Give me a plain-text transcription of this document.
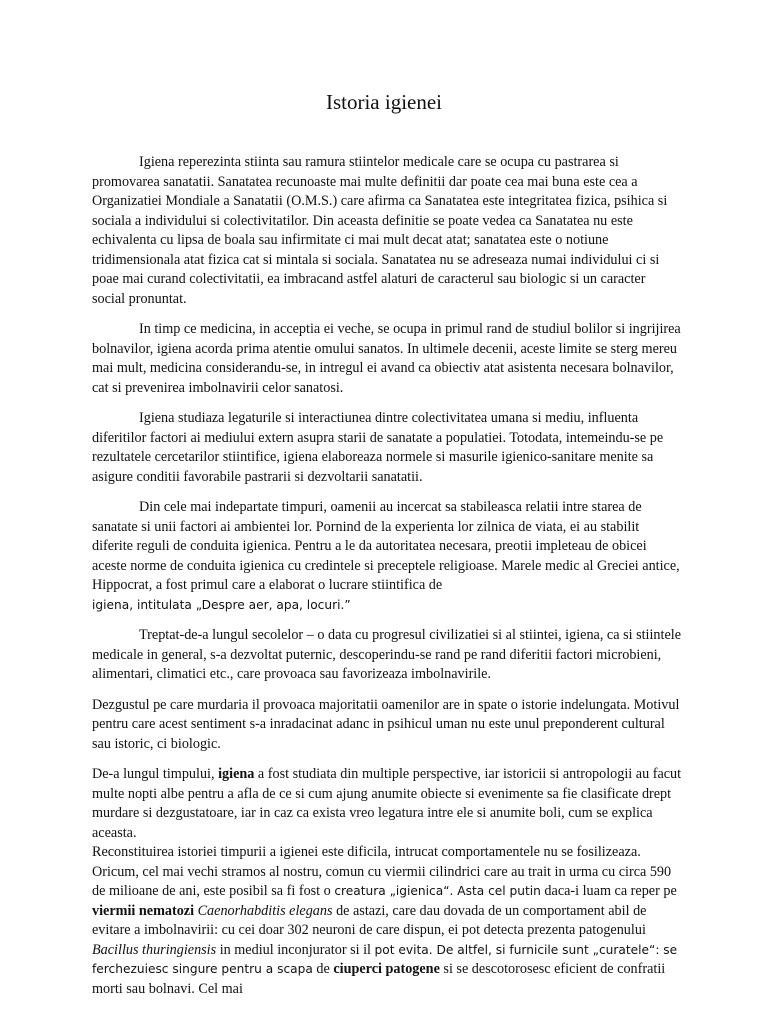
Istoria igienei

Igiena reperezinta stiinta sau ramura stiintelor medicale care se ocupa cu pastrarea si promovarea sanatatii. Sanatatea recunoaste mai multe definitii dar poate cea mai buna este cea a Organizatiei Mondiale a Sanatatii (O.M.S.) care afirma ca Sanatatea este integritatea fizica, psihica si sociala a individului si colectivitatilor. Din aceasta definitie se poate vedea ca Sanatatea nu este echivalenta cu lipsa de boala sau infirmitate ci mai mult decat atat; sanatatea este o notiune tridimensionala atat fizica cat si mintala si sociala. Sanatatea nu se adreseaza numai individului ci si poae mai curand colectivitatii, ea imbracand astfel alaturi de caracterul sau biologic si un caracter social pronuntat.

In timp ce medicina, in acceptia ei veche, se ocupa in primul rand de studiul bolilor si ingrijirea bolnavilor, igiena acorda prima atentie omului sanatos. In ultimele decenii, aceste limite se sterg mereu mai mult, medicina considerandu-se, in intregul ei avand ca obiectiv atat asistenta necesara bolnavilor, cat si prevenirea imbolnavirii celor sanatosi.

Igiena studiaza legaturile si interactiunea dintre colectivitatea umana si mediu, influenta diferitilor factori ai mediului extern asupra starii de sanatate a populatiei. Totodata, intemeindu-se pe rezultatele cercetarilor stiintifice, igiena elaboreaza normele si masurile igienico-sanitare menite sa asigure conditii favorabile pastrarii si dezvoltarii sanatatii.

Din cele mai indepartate timpuri, oamenii au incercat sa stabileasca relatii intre starea de sanatate si unii factori ai ambientei lor. Pornind de la experienta lor zilnica de viata, ei au stabilit diferite reguli de conduita igienica. Pentru a le da autoritatea necesara, preotii impleteau de obicei aceste norme de conduita igienica cu credintele si preceptele religioase. Marele medic al Greciei antice, Hippocrat, a fost primul care a elaborat o lucrare stiintifica de
igiena, intitulata „Despre aer, apa, locuri.”

Treptat-de-a lungul secolelor – o data cu progresul civilizatiei si al stiintei, igiena, ca si stiintele medicale in general, s-a dezvoltat puternic, descoperindu-se rand pe rand diferitii factori microbieni, alimentari, climatici etc., care provoaca sau favorizeaza imbolnavirile.

Dezgustul pe care murdaria il provoaca majoritatii oamenilor are in spate o istorie indelungata. Motivul pentru care acest sentiment s-a inradacinat adanc in psihicul uman nu este unul preponderent cultural sau istoric, ci biologic.

De-a lungul timpului, igiena a fost studiata din multiple perspective, iar istoricii si antropologii au facut multe nopti albe pentru a afla de ce si cum ajung anumite obiecte si evenimente sa fie clasificate drept murdare si dezgustatoare, iar in caz ca exista vreo legatura intre ele si anumite boli, cum se explica aceasta.

Reconstituirea istoriei timpurii a igienei este dificila, intrucat comportamentele nu se fosilizeaza. Oricum, cel mai vechi stramos al nostru, comun cu viermii cilindrici care au trait in urma cu circa 590 de milioane de ani, este posibil sa fi fost o creatura „igienica“. Asta cel putin daca-i luam ca reper pe viermii nematozi Caenorhabditis elegans de astazi, care dau dovada de un comportament abil de evitare a imbolnavirii: cu cei doar 302 neuroni de care dispun, ei pot detecta prezenta patogenului Bacillus thuringiensis in mediul inconjurator si il pot evita. De altfel, si furnicile sunt „curatele“: se ferchezuiesc singure pentru a scapa de ciuperci patogene si se descotorosesc eficient de confratii morti sau bolnavi. Cel mai
